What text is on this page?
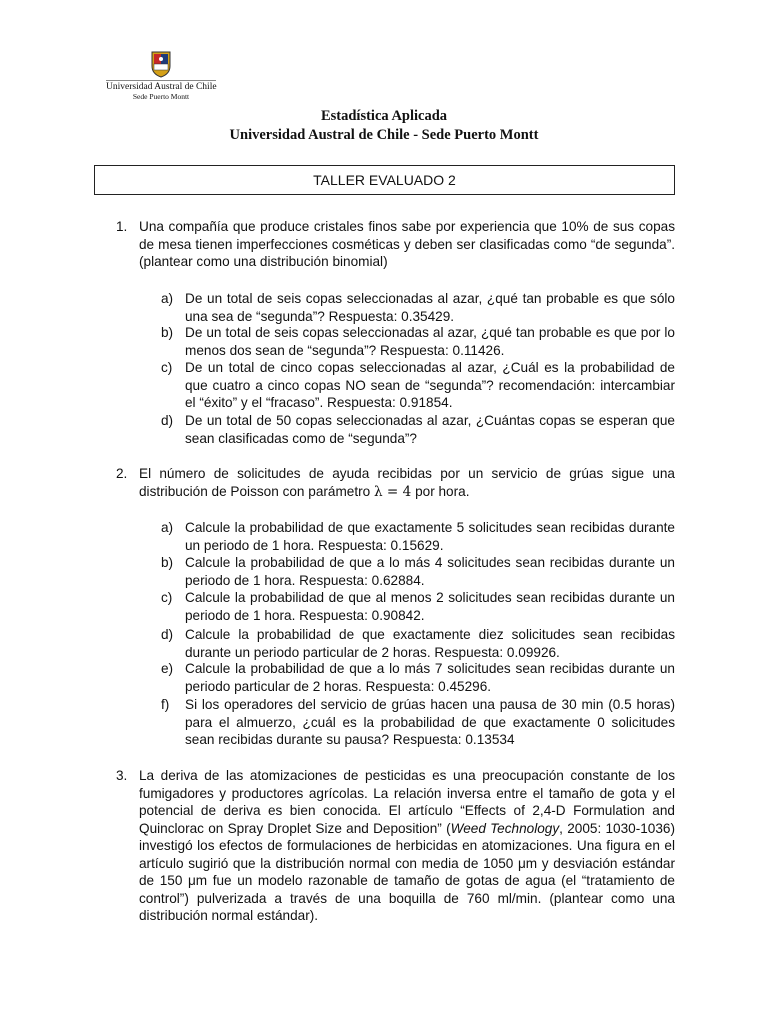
Universidad Austral de Chile
Sede Puerto Montt
Estadística Aplicada
Universidad Austral de Chile - Sede Puerto Montt
TALLER EVALUADO 2
1. Una compañía que produce cristales finos sabe por experiencia que 10% de sus copas de mesa tienen imperfecciones cosméticas y deben ser clasificadas como “de segunda”. (plantear como una distribución binomial)

a) De un total de seis copas seleccionadas al azar, ¿qué tan probable es que sólo una sea de “segunda”? Respuesta: 0.35429.
b) De un total de seis copas seleccionadas al azar, ¿qué tan probable es que por lo menos dos sean de “segunda”? Respuesta: 0.11426.
c) De un total de cinco copas seleccionadas al azar, ¿Cuál es la probabilidad de que cuatro a cinco copas NO sean de “segunda”? recomendación: intercambiar el “éxito” y el “fracaso”. Respuesta: 0.91854.
d) De un total de 50 copas seleccionadas al azar, ¿Cuántas copas se esperan que sean clasificadas como de “segunda”?
2. El número de solicitudes de ayuda recibidas por un servicio de grúas sigue una distribución de Poisson con parámetro λ = 4 por hora.

a) Calcule la probabilidad de que exactamente 5 solicitudes sean recibidas durante un periodo de 1 hora. Respuesta: 0.15629.
b) Calcule la probabilidad de que a lo más 4 solicitudes sean recibidas durante un periodo de 1 hora. Respuesta: 0.62884.
c) Calcule la probabilidad de que al menos 2 solicitudes sean recibidas durante un periodo de 1 hora. Respuesta: 0.90842.
d) Calcule la probabilidad de que exactamente diez solicitudes sean recibidas durante un periodo particular de 2 horas. Respuesta: 0.09926.
e) Calcule la probabilidad de que a lo más 7 solicitudes sean recibidas durante un periodo particular de 2 horas. Respuesta: 0.45296.
f) Si los operadores del servicio de grúas hacen una pausa de 30 min (0.5 horas) para el almuerzo, ¿cuál es la probabilidad de que exactamente 0 solicitudes sean recibidas durante su pausa? Respuesta: 0.13534
3. La deriva de las atomizaciones de pesticidas es una preocupación constante de los fumigadores y productores agrícolas. La relación inversa entre el tamaño de gota y el potencial de deriva es bien conocida. El artículo “Effects of 2,4-D Formulation and Quinclorac on Spray Droplet Size and Deposition” (Weed Technology, 2005: 1030-1036) investigó los efectos de formulaciones de herbicidas en atomizaciones. Una figura en el artículo sugirió que la distribución normal con media de 1050 μm y desviación estándar de 150 μm fue un modelo razonable de tamaño de gotas de agua (el “tratamiento de control”) pulverizada a través de una boquilla de 760 ml/min. (plantear como una distribución normal estándar).
